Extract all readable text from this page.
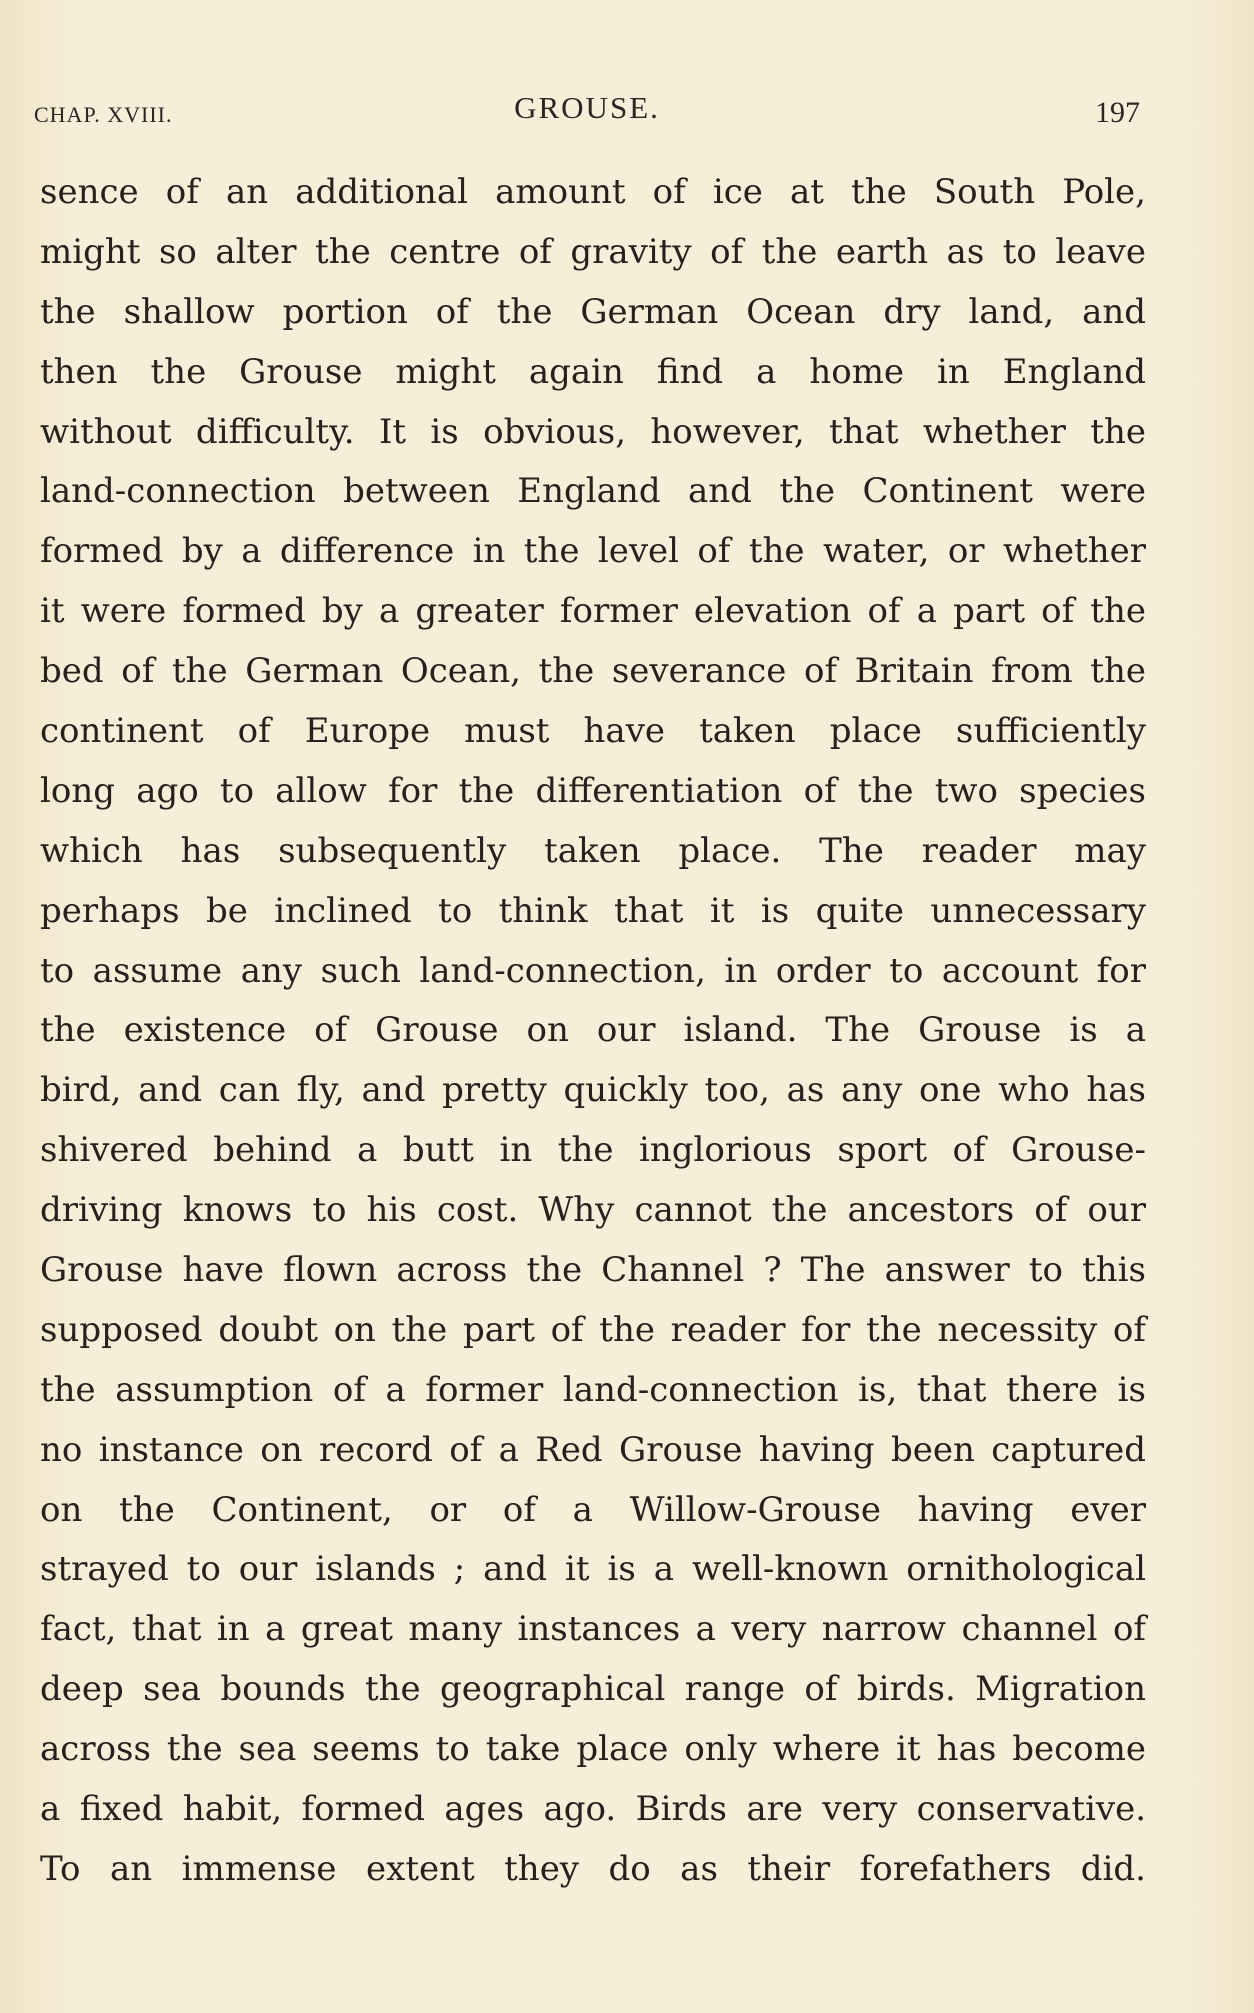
CHAP. XVIII.	GROUSE.	197
sence of an additional amount of ice at the South Pole,
might so alter the centre of gravity of the earth as to leave
the shallow portion of the German Ocean dry land, and
then the Grouse might again find a home in England
without difficulty. It is obvious, however, that whether the
land-connection between England and the Continent were
formed by a difference in the level of the water, or whether
it were formed by a greater former elevation of a part of the
bed of the German Ocean, the severance of Britain from the
continent of Europe must have taken place sufficiently
long ago to allow for the differentiation of the two species
which has subsequently taken place. The reader may
perhaps be inclined to think that it is quite unnecessary
to assume any such land-connection, in order to account for
the existence of Grouse on our island. The Grouse is a
bird, and can fly, and pretty quickly too, as any one who has
shivered behind a butt in the inglorious sport of Grouse-
driving knows to his cost. Why cannot the ancestors of our
Grouse have flown across the Channel ? The answer to this
supposed doubt on the part of the reader for the necessity of
the assumption of a former land-connection is, that there is
no instance on record of a Red Grouse having been captured
on the Continent, or of a Willow-Grouse having ever
strayed to our islands ; and it is a well-known ornithological
fact, that in a great many instances a very narrow channel of
deep sea bounds the geographical range of birds. Migration
across the sea seems to take place only where it has become
a fixed habit, formed ages ago. Birds are very conservative.
To an immense extent they do as their forefathers did.
